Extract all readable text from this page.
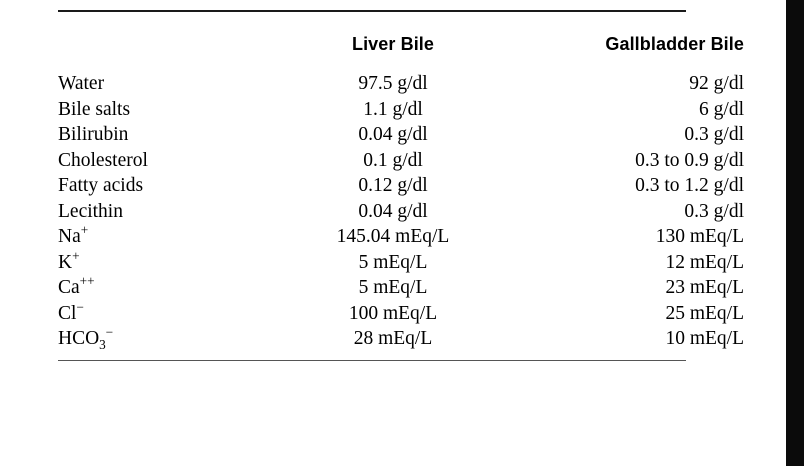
	Liver Bile	Gallbladder Bile
Water	97.5 g/dl	92 g/dl
Bile salts	1.1 g/dl	6 g/dl
Bilirubin	0.04 g/dl	0.3 g/dl
Cholesterol	0.1 g/dl	0.3 to 0.9 g/dl
Fatty acids	0.12 g/dl	0.3 to 1.2 g/dl
Lecithin	0.04 g/dl	0.3 g/dl
Na+	145.04 mEq/L	130 mEq/L
K+	5 mEq/L	12 mEq/L
Ca++	5 mEq/L	23 mEq/L
Cl−	100 mEq/L	25 mEq/L
$HCO_3^-$	28 mEq/L	10 mEq/L
